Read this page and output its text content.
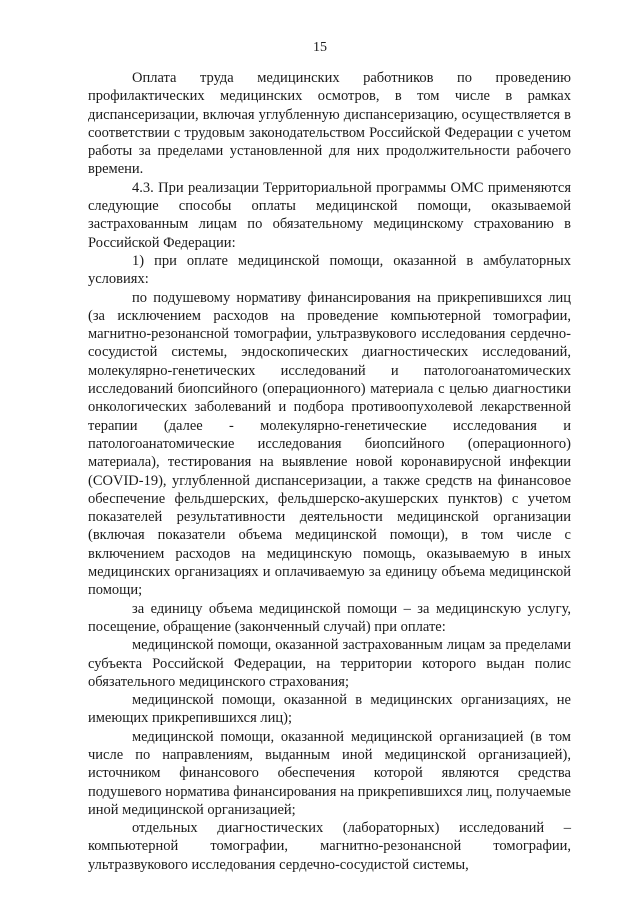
15

Оплата труда медицинских работников по проведению профилактических медицинских осмотров, в том числе в рамках диспансеризации, включая углубленную диспансеризацию, осуществляется в соответствии с трудовым законодательством Российской Федерации с учетом работы за пределами установленной для них продолжительности рабочего времени.

4.3. При реализации Территориальной программы ОМС применяются следующие способы оплаты медицинской помощи, оказываемой застрахованным лицам по обязательному медицинскому страхованию в Российской Федерации:

1) при оплате медицинской помощи, оказанной в амбулаторных условиях:

по подушевому нормативу финансирования на прикрепившихся лиц (за исключением расходов на проведение компьютерной томографии, магнитно-резонансной томографии, ультразвукового исследования сердечно-сосудистой системы, эндоскопических диагностических исследований, молекулярно-генетических исследований и патологоанатомических исследований биопсийного (операционного) материала с целью диагностики онкологических заболеваний и подбора противоопухолевой лекарственной терапии (далее - молекулярно-генетические исследования и патологоанатомические исследования биопсийного (операционного) материала), тестирования на выявление новой коронавирусной инфекции (COVID-19), углубленной диспансеризации, а также средств на финансовое обеспечение фельдшерских, фельдшерско-акушерских пунктов) с учетом показателей результативности деятельности медицинской организации (включая показатели объема медицинской помощи), в том числе с включением расходов на медицинскую помощь, оказываемую в иных медицинских организациях и оплачиваемую за единицу объема медицинской помощи;

за единицу объема медицинской помощи – за медицинскую услугу, посещение, обращение (законченный случай) при оплате:

медицинской помощи, оказанной застрахованным лицам за пределами субъекта Российской Федерации, на территории которого выдан полис обязательного медицинского страхования;

медицинской помощи, оказанной в медицинских организациях, не имеющих прикрепившихся лиц);

медицинской помощи, оказанной медицинской организацией (в том числе по направлениям, выданным иной медицинской организацией), источником финансового обеспечения которой являются средства подушевого норматива финансирования на прикрепившихся лиц, получаемые иной медицинской организацией;

отдельных диагностических (лабораторных) исследований – компьютерной томографии, магнитно-резонансной томографии, ультразвукового исследования сердечно-сосудистой системы,
